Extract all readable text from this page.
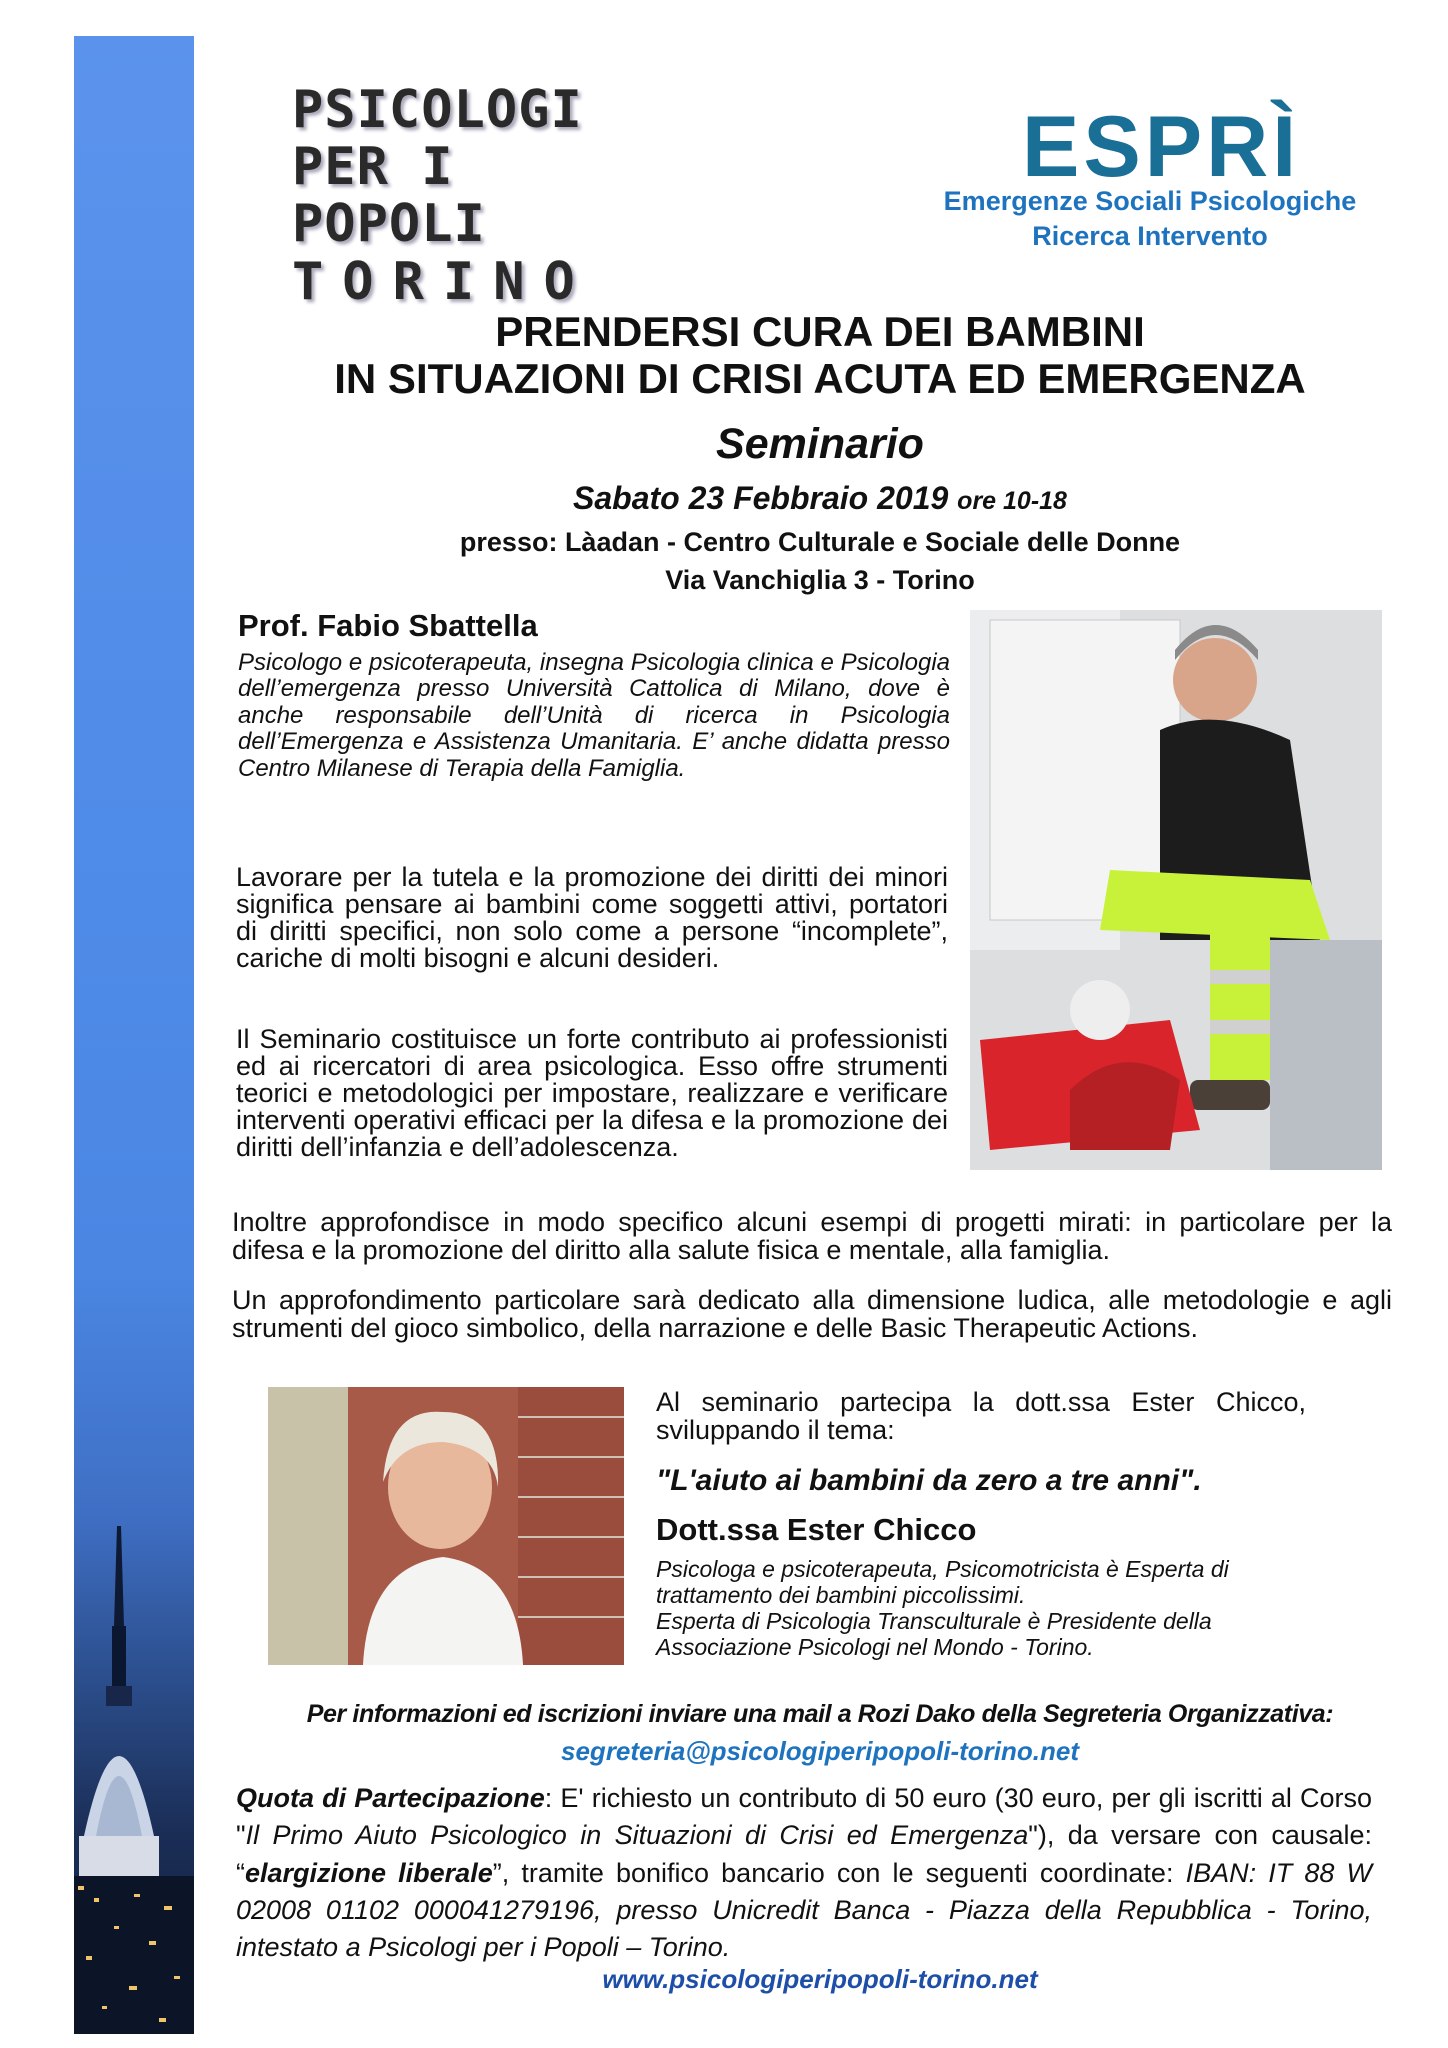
PSICOLOGI
PER I POPOLI
TORINO
ESPRÌ
Emergenze Sociali Psicologiche
Ricerca Intervento
PRENDERSI CURA DEI BAMBINI
IN SITUAZIONI DI CRISI ACUTA ED EMERGENZA
Seminario
Sabato 23 Febbraio 2019 ore 10-18
presso: Làadan - Centro Culturale e Sociale delle Donne
Via Vanchiglia 3 - Torino
Prof. Fabio Sbattella
Psicologo e psicoterapeuta, insegna Psicologia clinica e Psicologia dell’emergenza presso Università Cattolica di Milano, dove è anche responsabile dell’Unità di ricerca in Psicologia dell’Emergenza e Assistenza Umanitaria. E’ anche didatta presso Centro Milanese di Terapia della Famiglia.
Lavorare per la tutela e la promozione dei diritti dei minori significa pensare ai bambini come soggetti attivi, portatori di diritti specifici, non solo come a persone “incomplete”, cariche di molti bisogni e alcuni desideri.
Il Seminario costituisce un forte contributo ai professionisti ed ai ricercatori di area psicologica. Esso offre strumenti teorici e metodologici per impostare, realizzare e verificare interventi operativi efficaci per la difesa e la promozione dei diritti dell’infanzia e dell’adolescenza.
Inoltre approfondisce in modo specifico alcuni esempi di progetti mirati: in particolare per la difesa e la promozione del diritto alla salute fisica e mentale, alla famiglia.
Un approfondimento particolare sarà dedicato alla dimensione ludica, alle metodologie e agli strumenti del gioco simbolico, della narrazione e delle Basic Therapeutic Actions.
Al seminario partecipa la dott.ssa Ester Chicco, sviluppando il tema:
"L'aiuto ai bambini da zero a tre anni".
Dott.ssa Ester Chicco
Psicologa e psicoterapeuta, Psicomotricista è Esperta di trattamento dei bambini piccolissimi.
Esperta di Psicologia Transculturale è Presidente della Associazione Psicologi nel Mondo - Torino.
Per informazioni ed iscrizioni inviare una mail a Rozi Dako della Segreteria Organizzativa:
segreteria@psicologiperipopoli-torino.net
Quota di Partecipazione: E' richiesto un contributo di 50 euro (30 euro, per gli iscritti al Corso "Il Primo Aiuto Psicologico in Situazioni di Crisi ed Emergenza"), da versare con causale: “elargizione liberale”, tramite bonifico bancario con le seguenti coordinate: IBAN: IT 88 W 02008 01102 000041279196, presso Unicredit Banca - Piazza della Repubblica - Torino, intestato a Psicologi per i Popoli – Torino.
www.psicologiperipopoli-torino.net
